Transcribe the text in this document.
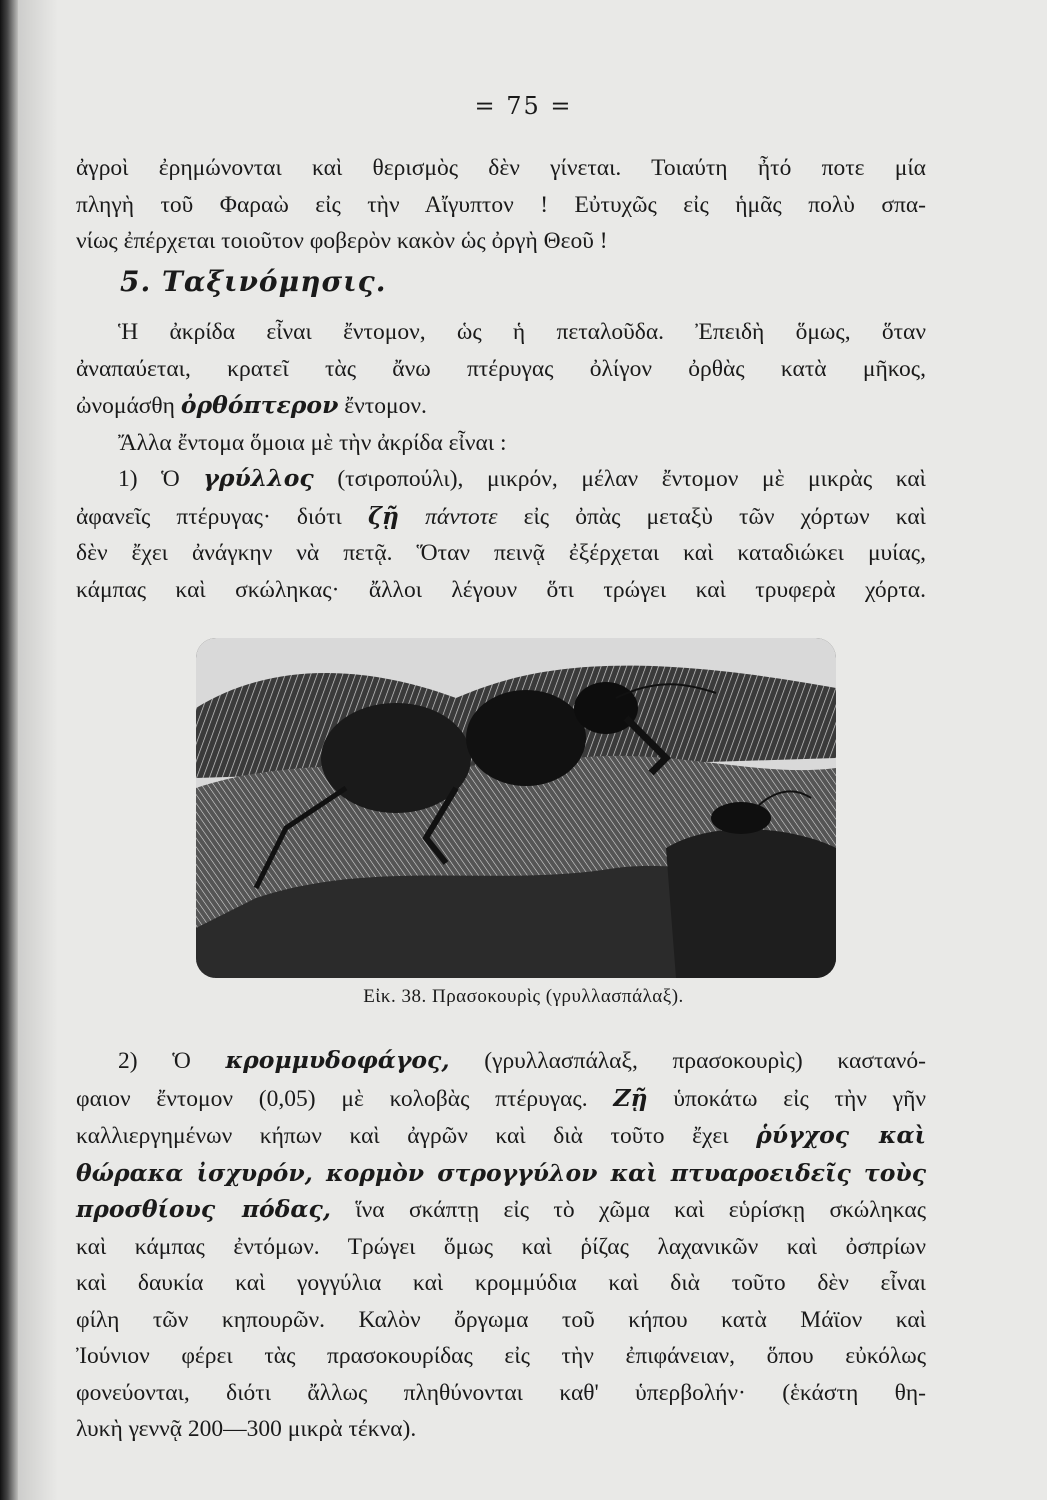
= 75 =
ἀγροὶ ἐρημώνονται καὶ θερισμὸς δὲν γίνεται. Τοιαύτη ἦτό ποτε μία
πληγὴ τοῦ Φαραὼ εἰς τὴν Αἴγυπτον ! Εὐτυχῶς εἰς ἡμᾶς πολὺ σπα-
νίως ἐπέρχεται τοιοῦτον φοβερὸν κακὸν ὡς ὀργὴ Θεοῦ !
5. Ταξινόμησις.
Ἡ ἀκρίδα εἶναι ἔντομον, ὡς ἡ πεταλοῦδα. Ἐπειδὴ ὅμως, ὅταν
ἀναπαύεται, κρατεῖ τὰς ἄνω πτέρυγας ὀλίγον ὀρθὰς κατὰ μῆκος,
ὠνομάσθη ὀρθόπτερον ἔντομον.
Ἄλλα ἔντομα ὅμοια μὲ τὴν ἀκρίδα εἶναι :
1) Ὁ γρύλλος (τσιροπούλι), μικρόν, μέλαν ἔντομον μὲ μικρὰς καὶ
ἀφανεῖς πτέρυγας· διότι ζῇ πάντοτε εἰς ὀπὰς μεταξὺ τῶν χόρτων καὶ
δὲν ἔχει ἀνάγκην νὰ πετᾷ. Ὅταν πεινᾷ ἐξέρχεται καὶ καταδιώκει μυίας,
κάμπας καὶ σκώληκας· ἄλλοι λέγουν ὅτι τρώγει καὶ τρυφερὰ χόρτα.
Εἰκ. 38. Πρασοκουρὶς (γρυλλασπάλαξ).
2) Ὁ κρομμυδοφάγος, (γρυλλασπάλαξ, πρασοκουρὶς) καστανό-
φαιον ἔντομον (0,05) μὲ κολοβὰς πτέρυγας. Ζῇ ὑποκάτω εἰς τὴν γῆν
καλλιεργημένων κήπων καὶ ἀγρῶν καὶ διὰ τοῦτο ἔχει ῥύγχος καὶ
θώρακα ἰσχυρόν, κορμὸν στρογγύλον καὶ πτυαροειδεῖς τοὺς
προσθίους πόδας, ἵνα σκάπτῃ εἰς τὸ χῶμα καὶ εὑρίσκῃ σκώληκας
καὶ κάμπας ἐντόμων. Τρώγει ὅμως καὶ ῥίζας λαχανικῶν καὶ ὀσπρίων
καὶ δαυκία καὶ γογγύλια καὶ κρομμύδια καὶ διὰ τοῦτο δὲν εἶναι
φίλη τῶν κηπουρῶν. Καλὸν ὄργωμα τοῦ κήπου κατὰ Μάϊον καὶ
Ἰούνιον φέρει τὰς πρασοκουρίδας εἰς τὴν ἐπιφάνειαν, ὅπου εὐκόλως
φονεύονται, διότι ἄλλως πληθύνονται καθ' ὑπερβολήν· (ἑκάστη θη-
λυκὴ γεννᾷ 200—300 μικρὰ τέκνα).
